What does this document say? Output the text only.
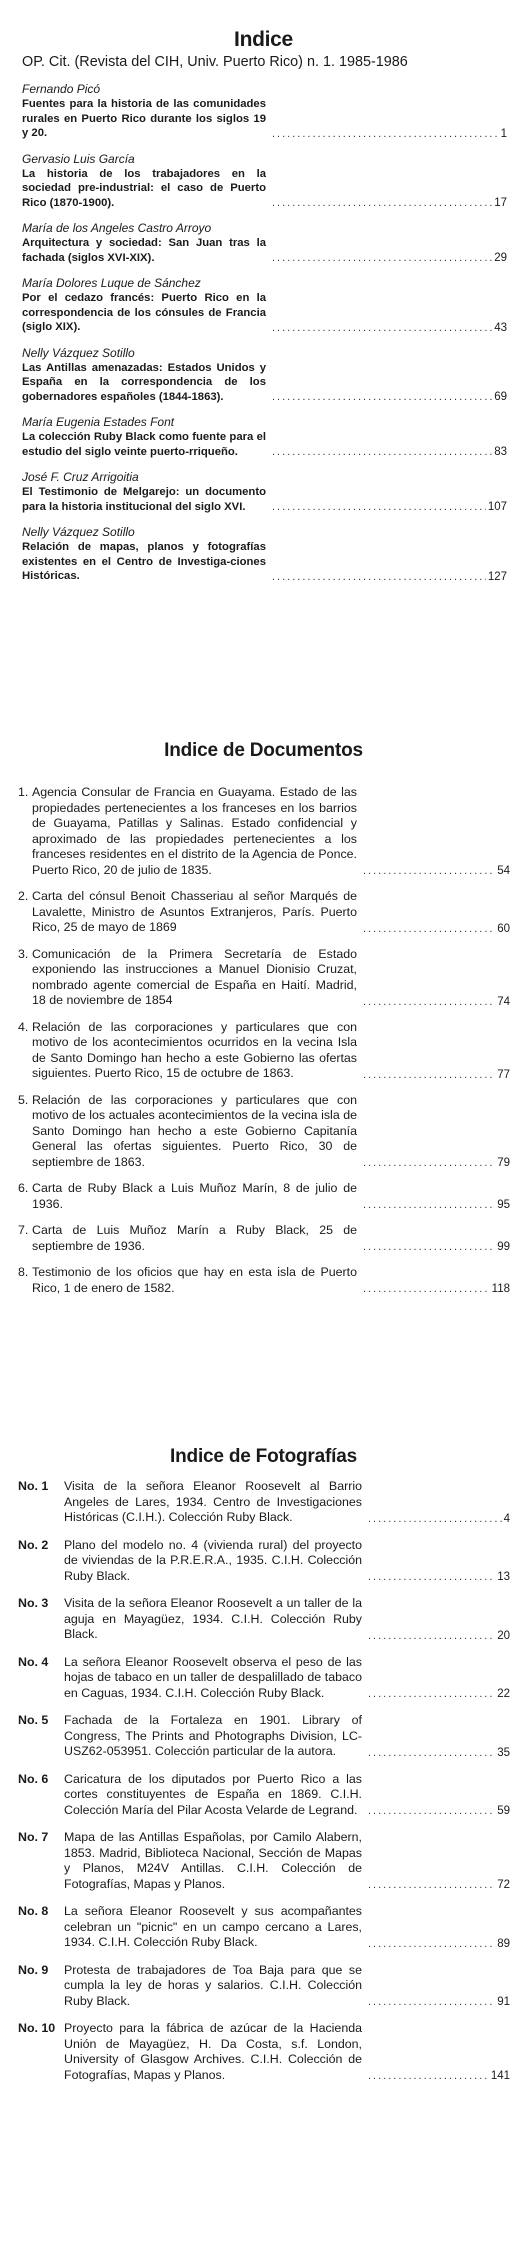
Indice
OP. Cit. (Revista del CIH, Univ. Puerto Rico) n. 1. 1985-1986
Fernando Picó
Fuentes para la historia de las comunidades rurales en Puerto Rico durante los siglos 19 y 20. .....	1
Gervasio Luis García
La historia de los trabajadores en la sociedad pre-industrial: el caso de Puerto Rico (1870-1900). .....	17
María de los Angeles Castro Arroyo
Arquitectura y sociedad: San Juan tras la fachada (siglos XVI-XIX). .....	29
María Dolores Luque de Sánchez
Por el cedazo francés: Puerto Rico en la correspondencia de los cónsules de Francia (siglo XIX). .....	43
Nelly Vázquez Sotillo
Las Antillas amenazadas: Estados Unidos y España en la correspondencia de los gobernadores españoles (1844-1863). .....	69
María Eugenia Estades Font
La colección Ruby Black como fuente para el estudio del siglo veinte puerto-rriqueño. .....	83
José F. Cruz Arrigoitia
El Testimonio de Melgarejo: un documento para la historia institucional del siglo XVI. .....	107
Nelly Vázquez Sotillo
Relación de mapas, planos y fotografías existentes en el Centro de Investiga-ciones Históricas. .....	127
Indice de Documentos
1. Agencia Consular de Francia en Guayama. Estado de las propiedades pertenecientes a los franceses en los barrios de Guayama, Patillas y Salinas. Estado confidencial y aproximado de las propiedades pertenecientes a los franceses residentes en el distrito de la Agencia de Ponce. Puerto Rico, 20 de julio de 1835. .....	54
2. Carta del cónsul Benoit Chasseriau al señor Marqués de Lavalette, Ministro de Asuntos Extranjeros, París. Puerto Rico, 25 de mayo de 1869 .....	60
3. Comunicación de la Primera Secretaría de Estado exponiendo las instrucciones a Manuel Dionisio Cruzat, nombrado agente comercial de España en Haití. Madrid, 18 de noviembre de 1854 .....	74
4. Relación de las corporaciones y particulares que con motivo de los acontecimientos ocurridos en la vecina Isla de Santo Domingo han hecho a este Gobierno las ofertas siguientes. Puerto Rico, 15 de octubre de 1863. .....	77
5. Relación de las corporaciones y particulares que con motivo de los actuales acontecimientos de la vecina isla de Santo Domingo han hecho a este Gobierno Capitanía General las ofertas siguientes. Puerto Rico, 30 de septiembre de 1863. .....	79
6. Carta de Ruby Black a Luis Muñoz Marín, 8 de julio de 1936. .....	95
7. Carta de Luis Muñoz Marín a Ruby Black, 25 de septiembre de 1936. .....	99
8. Testimonio de los oficios que hay en esta isla de Puerto Rico, 1 de enero de 1582. .....	118
Indice de Fotografías
No. 1	Visita de la señora Eleanor Roosevelt al Barrio Angeles de Lares, 1934. Centro de Investigaciones Históricas (C.I.H.). Colección Ruby Black. .....	4
No. 2	Plano del modelo no. 4 (vivienda rural) del proyecto de viviendas de la P.R.E.R.A., 1935. C.I.H. Colección Ruby Black. .....	13
No. 3	Visita de la señora Eleanor Roosevelt a un taller de la aguja en Mayagüez, 1934. C.I.H. Colección Ruby Black. .....	20
No. 4	La señora Eleanor Roosevelt observa el peso de las hojas de tabaco en un taller de despalillado de tabaco en Caguas, 1934. C.I.H. Colección Ruby Black. .....	22
No. 5	Fachada de la Fortaleza en 1901. Library of Congress, The Prints and Photographs Division, LC-USZ62-053951. Colección particular de la autora. .....	35
No. 6	Caricatura de los diputados por Puerto Rico a las cortes constituyentes de España en 1869. C.I.H. Colección María del Pilar Acosta Velarde de Legrand. .....	59
No. 7	Mapa de las Antillas Españolas, por Camilo Alabern, 1853. Madrid, Biblioteca Nacional, Sección de Mapas y Planos, M24V Antillas. C.I.H. Colección de Fotografías, Mapas y Planos. .....	72
No. 8	La señora Eleanor Roosevelt y sus acompañantes celebran un "picnic" en un campo cercano a Lares, 1934. C.I.H. Colección Ruby Black. .....	89
No. 9	Protesta de trabajadores de Toa Baja para que se cumpla la ley de horas y salarios. C.I.H. Colección Ruby Black. .....	91
No. 10 Proyecto para la fábrica de azúcar de la Hacienda Unión de Mayagüez, H. Da Costa, s.f. London, University of Glasgow Archives. C.I.H. Colección de Fotografías, Mapas y Planos. .....	141
